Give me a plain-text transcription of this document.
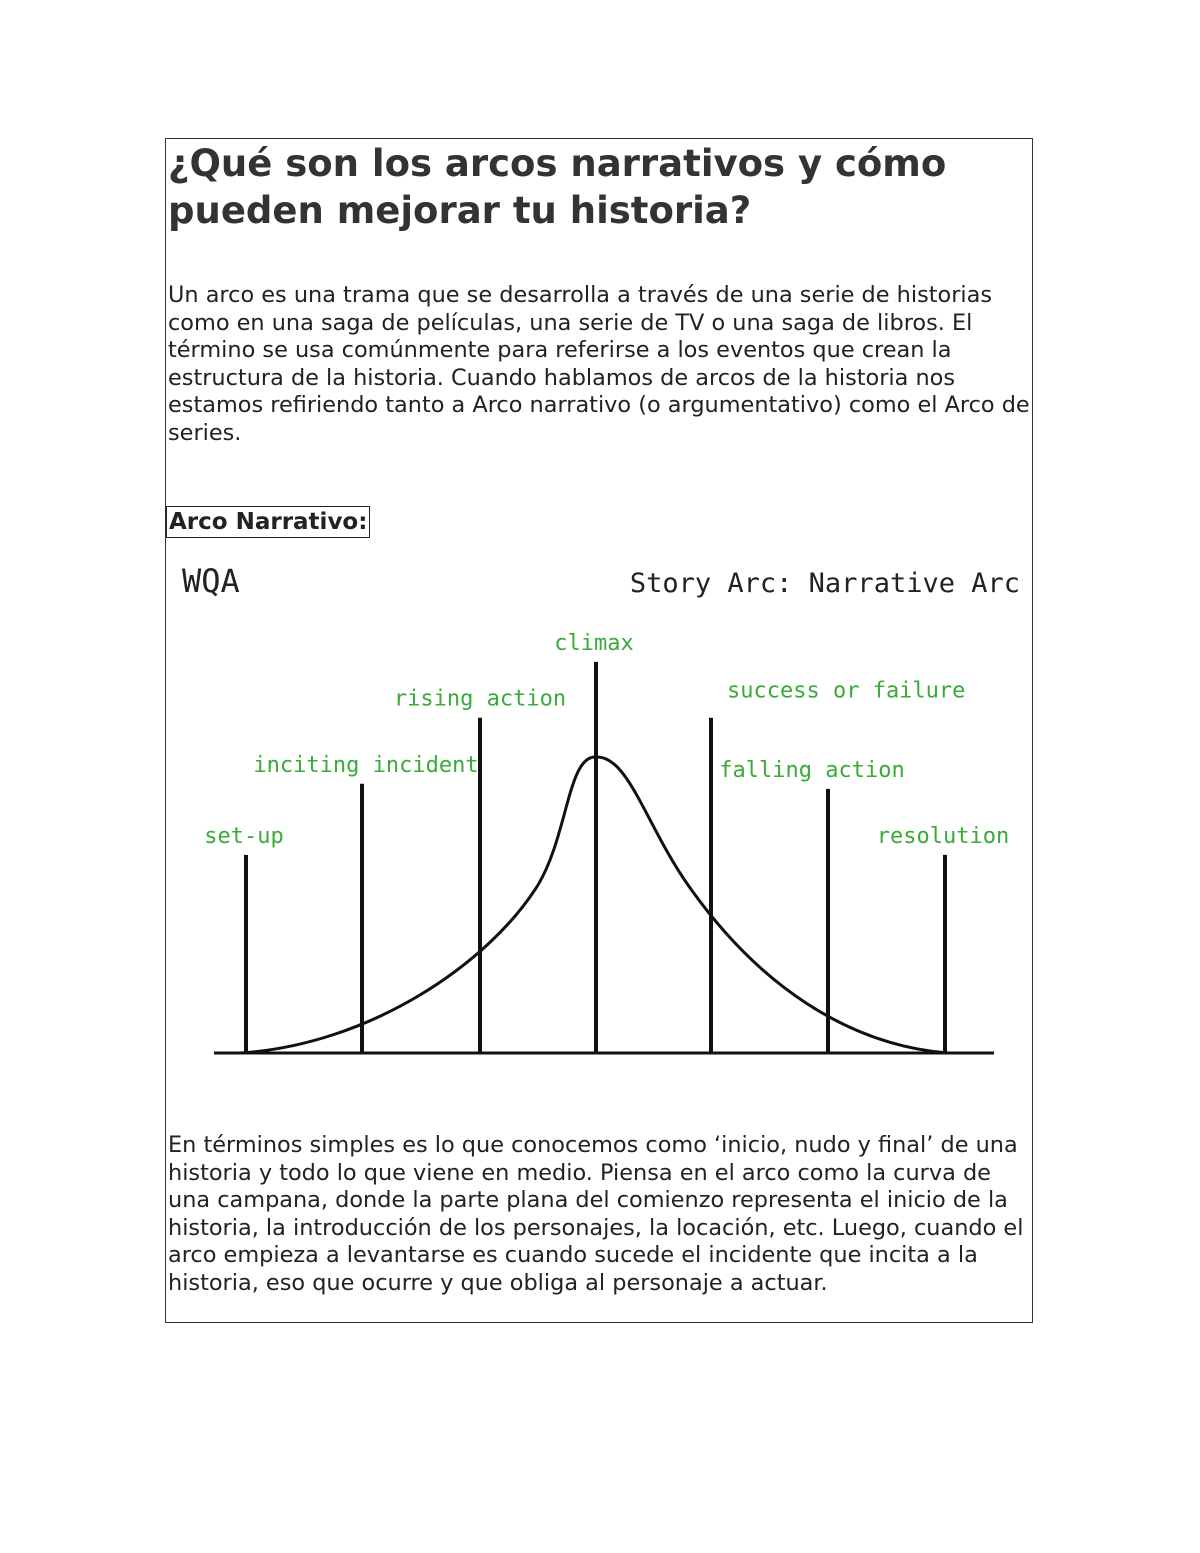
¿Qué son los arcos narrativos y cómo pueden mejorar tu historia?

Un arco es una trama que se desarrolla a través de una serie de historias como en una saga de películas, una serie de TV o una saga de libros. El término se usa comúnmente para referirse a los eventos que crean la estructura de la historia. Cuando hablamos de arcos de la historia nos estamos refiriendo tanto a Arco narrativo (o argumentativo) como el Arco de series.

Arco Narrativo:
WQA	Story Arc: Narrative Arc
set-up
inciting incident
rising action
climax
success or failure
falling action
resolution

En términos simples es lo que conocemos como ‘inicio, nudo y final’ de una historia y todo lo que viene en medio. Piensa en el arco como la curva de una campana, donde la parte plana del comienzo representa el inicio de la historia, la introducción de los personajes, la locación, etc. Luego, cuando el arco empieza a levantarse es cuando sucede el incidente que incita a la historia, eso que ocurre y que obliga al personaje a actuar.
